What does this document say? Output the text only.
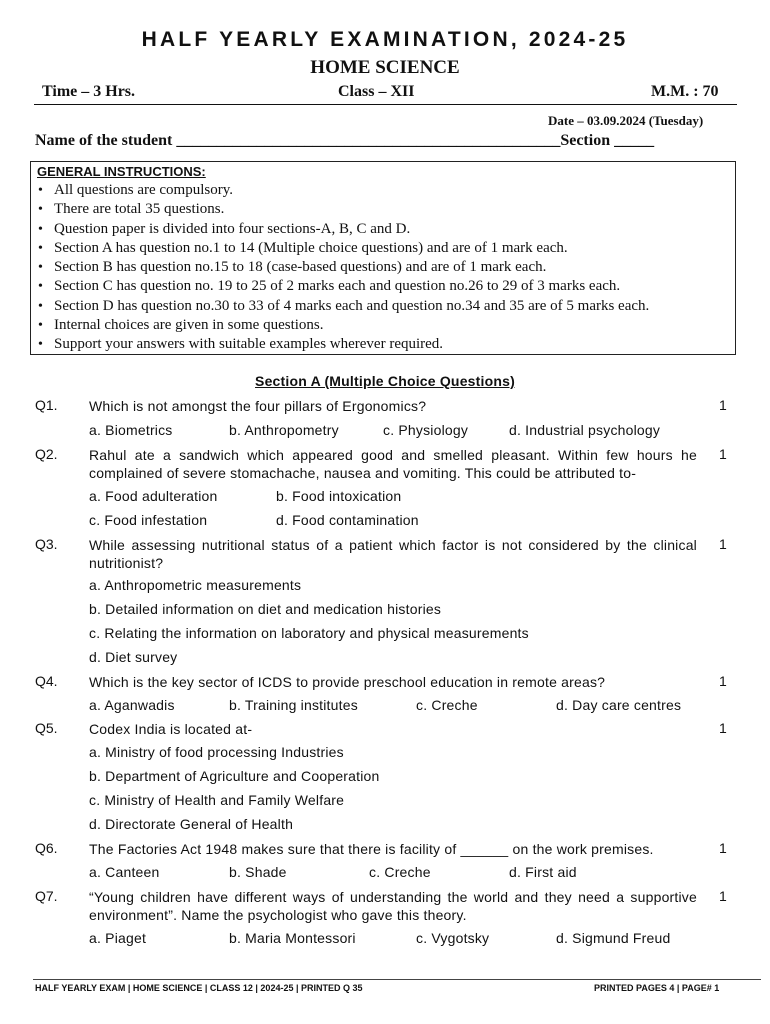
HALF YEARLY EXAMINATION, 2024-25
HOME SCIENCE
Time – 3 Hrs.	Class – XII	M.M. : 70
Date – 03.09.2024 (Tuesday)
Name of the student ________________________________________________Section _____
GENERAL INSTRUCTIONS:
• All questions are compulsory.
• There are total 35 questions.
• Question paper is divided into four sections-A, B, C and D.
• Section A has question no.1 to 14 (Multiple choice questions) and are of 1 mark each.
• Section B has question no.15 to 18 (case-based questions) and are of 1 mark each.
• Section C has question no. 19 to 25 of 2 marks each and question no.26 to 29 of 3 marks each.
• Section D has question no.30 to 33 of 4 marks each and question no.34 and 35 are of 5 marks each.
• Internal choices are given in some questions.
• Support your answers with suitable examples wherever required.
Section A (Multiple Choice Questions)
Q1. Which is not amongst the four pillars of Ergonomics?	1
a. Biometrics	b. Anthropometry	c. Physiology	d. Industrial psychology
Q2. Rahul ate a sandwich which appeared good and smelled pleasant. Within few hours he complained of severe stomachache, nausea and vomiting. This could be attributed to-
1
a. Food adulteration	b. Food intoxication
c. Food infestation	d. Food contamination
Q3. While assessing nutritional status of a patient which factor is not considered by the clinical nutritionist?
1
a. Anthropometric measurements
b. Detailed information on diet and medication histories
c. Relating the information on laboratory and physical measurements
d. Diet survey
Q4. Which is the key sector of ICDS to provide preschool education in remote areas?	1
a. Aganwadis	b. Training institutes	c. Creche	d. Day care centres
Q5. Codex India is located at-	1
a. Ministry of food processing Industries
b. Department of Agriculture and Cooperation
c. Ministry of Health and Family Welfare
d. Directorate General of Health
Q6. The Factories Act 1948 makes sure that there is facility of ______ on the work premises.	1
a. Canteen	b. Shade	c. Creche	d. First aid
Q7. “Young children have different ways of understanding the world and they need a supportive environment”. Name the psychologist who gave this theory.
1
a. Piaget	b. Maria Montessori	c. Vygotsky	d. Sigmund Freud
HALF YEARLY EXAM | HOME SCIENCE | CLASS 12 | 2024-25 | PRINTED Q 35	PRINTED PAGES 4 | PAGE# 1
